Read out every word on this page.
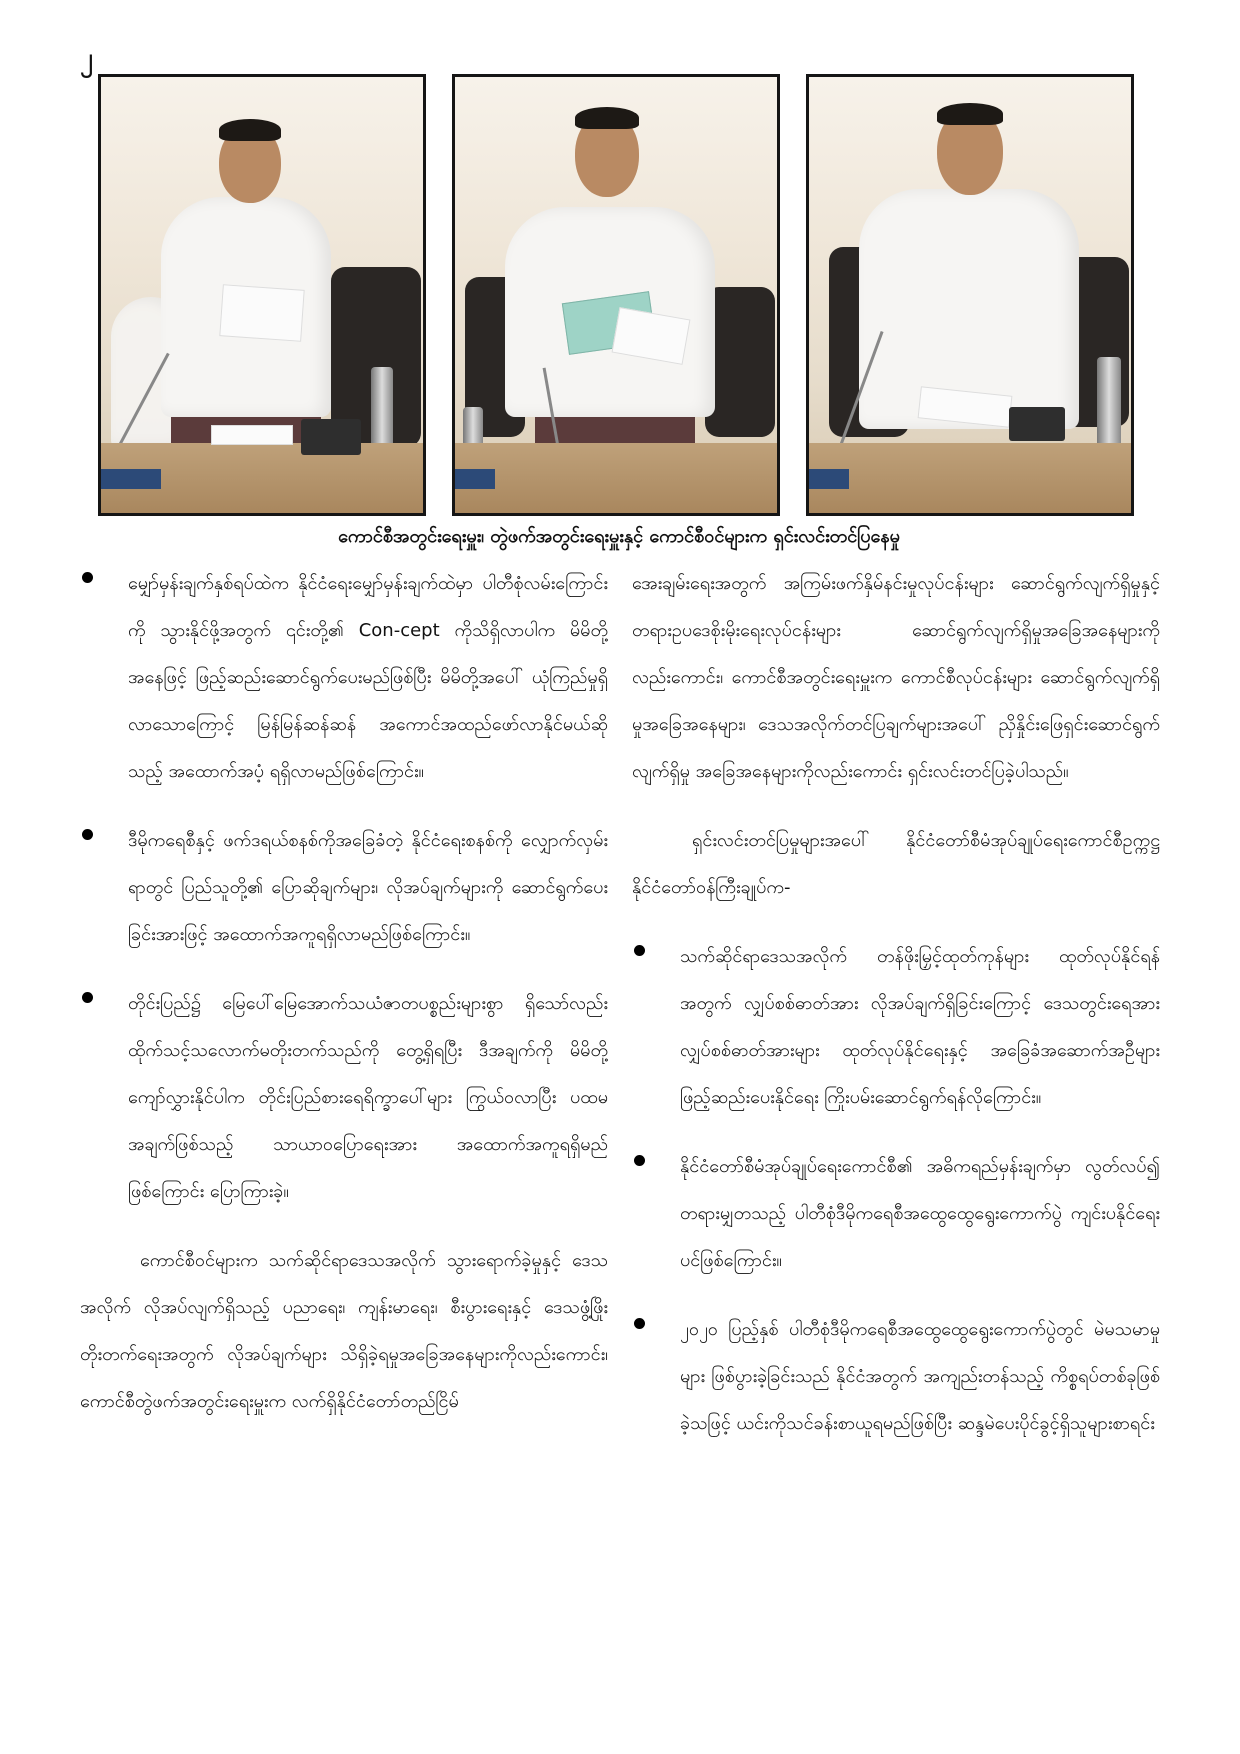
၂
ကောင်စီအတွင်းရေးမှူး၊ တွဲဖက်အတွင်းရေးမှူးနှင့် ကောင်စီဝင်များက ရှင်းလင်းတင်ပြနေမှု

မျှော်မှန်းချက်နှစ်ရပ်ထဲက နိုင်ငံရေးမျှော်မှန်းချက်ထဲမှာ ပါတီစုံလမ်းကြောင်းကို သွားနိုင်ဖို့အတွက် ၎င်းတို့၏ Con-cept ကိုသိရှိလာပါက မိမိတို့အနေဖြင့် ဖြည့်ဆည်းဆောင်ရွက်ပေးမည်ဖြစ်ပြီး မိမိတို့အပေါ် ယုံကြည်မှုရှိလာသောကြောင့် မြန်မြန်ဆန်ဆန် အကောင်အထည်ဖော်လာနိုင်မယ်ဆိုသည့် အထောက်အပံ့ ရရှိလာမည်ဖြစ်ကြောင်း။

ဒီမိုကရေစီနှင့် ဖက်ဒရယ်စနစ်ကိုအခြေခံတဲ့ နိုင်ငံရေးစနစ်ကို လျှောက်လှမ်းရာတွင် ပြည်သူတို့၏ ပြောဆိုချက်များ၊ လိုအပ်ချက်များကို ဆောင်ရွက်ပေးခြင်းအားဖြင့် အထောက်အကူရရှိလာမည်ဖြစ်ကြောင်း။

တိုင်းပြည်၌ မြေပေါ်မြေအောက်သယံဇာတပစ္စည်းများစွာ ရှိသော်လည်း ထိုက်သင့်သလောက်မတိုးတက်သည်ကို တွေ့ရှိရပြီး ဒီအချက်ကို မိမိတို့ကျော်လွှားနိုင်ပါက တိုင်းပြည်စားရေရိက္ခာပေါ်များ ကြွယ်ဝလာပြီး ပထမအချက်ဖြစ်သည့် သာယာဝပြောရေးအား အထောက်အကူရရှိမည်ဖြစ်ကြောင်း ပြောကြားခဲ့။

ကောင်စီဝင်များက သက်ဆိုင်ရာဒေသအလိုက် သွားရောက်ခဲ့မှုနှင့် ဒေသအလိုက် လိုအပ်လျက်ရှိသည့် ပညာရေး၊ ကျန်းမာရေး၊ စီးပွားရေးနှင့် ဒေသဖွံ့ဖြိုးတိုးတက်ရေးအတွက် လိုအပ်ချက်များ သိရှိခဲ့ရမှုအခြေအနေများကိုလည်းကောင်း၊ ကောင်စီတွဲဖက်အတွင်းရေးမှူးက လက်ရှိနိုင်ငံတော်တည်ငြိမ်

အေးချမ်းရေးအတွက် အကြမ်းဖက်နှိမ်နင်းမှုလုပ်ငန်းများ ဆောင်ရွက်လျက်ရှိမှုနှင့် တရားဥပဒေစိုးမိုးရေးလုပ်ငန်းများ ဆောင်ရွက်လျက်ရှိမှုအခြေအနေများကိုလည်းကောင်း၊ ကောင်စီအတွင်းရေးမှူးက ကောင်စီလုပ်ငန်းများ ဆောင်ရွက်လျက်ရှိမှုအခြေအနေများ၊ ဒေသအလိုက်တင်ပြချက်များအပေါ် ညှိနှိုင်းဖြေရှင်းဆောင်ရွက်လျက်ရှိမှု အခြေအနေများကိုလည်းကောင်း ရှင်းလင်းတင်ပြခဲ့ပါသည်။

ရှင်းလင်းတင်ပြမှုများအပေါ် နိုင်ငံတော်စီမံအုပ်ချုပ်ရေးကောင်စီဥက္ကဋ္ဌ နိုင်ငံတော်ဝန်ကြီးချုပ်က-

သက်ဆိုင်ရာဒေသအလိုက် တန်ဖိုးမြှင့်ထုတ်ကုန်များ ထုတ်လုပ်နိုင်ရန်အတွက် လျှပ်စစ်ဓာတ်အား လိုအပ်ချက်ရှိခြင်းကြောင့် ဒေသတွင်းရေအားလျှပ်စစ်ဓာတ်အားများ ထုတ်လုပ်နိုင်ရေးနှင့် အခြေခံအဆောက်အဦများ ဖြည့်ဆည်းပေးနိုင်ရေး ကြိုးပမ်းဆောင်ရွက်ရန်လိုကြောင်း။

နိုင်ငံတော်စီမံအုပ်ချုပ်ရေးကောင်စီ၏ အဓိကရည်မှန်းချက်မှာ လွတ်လပ်၍ တရားမျှတသည့် ပါတီစုံဒီမိုကရေစီအထွေထွေရွေးကောက်ပွဲ ကျင်းပနိုင်ရေးပင်ဖြစ်ကြောင်း။

၂၀၂၀ ပြည့်နှစ် ပါတီစုံဒီမိုကရေစီအထွေထွေရွေးကောက်ပွဲတွင် မဲမသမာမှုများ ဖြစ်ပွားခဲ့ခြင်းသည် နိုင်ငံအတွက် အကျည်းတန်သည့် ကိစ္စရပ်တစ်ခုဖြစ်ခဲ့သဖြင့် ယင်းကိုသင်ခန်းစာယူရမည်ဖြစ်ပြီး ဆန္ဒမဲပေးပိုင်ခွင့်ရှိသူများစာရင်း
